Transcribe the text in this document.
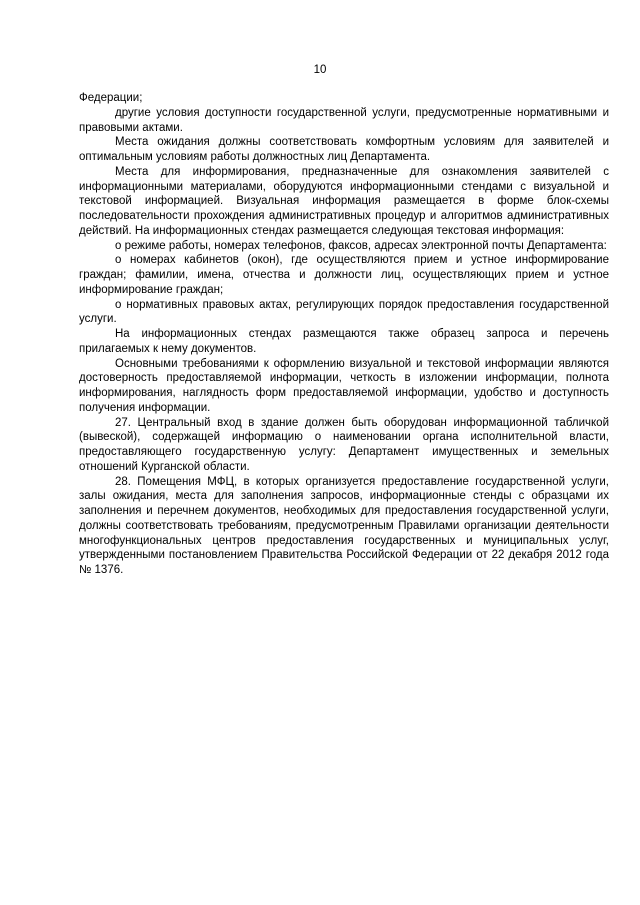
10

Федерации;

другие условия доступности государственной услуги, предусмотренные нормативными и правовыми актами.

Места ожидания должны соответствовать комфортным условиям для заявителей и оптимальным условиям работы должностных лиц Департамента.

Места для информирования, предназначенные для ознакомления заявителей с информационными материалами, оборудуются информационными стендами с визуальной и текстовой информацией. Визуальная информация размещается в форме блок-схемы последовательности прохождения административных процедур и алгоритмов административных действий. На информационных стендах размещается следующая текстовая информация:

о режиме работы, номерах телефонов, факсов, адресах электронной почты Департамента:

о номерах кабинетов (окон), где осуществляются прием и устное информирование граждан; фамилии, имена, отчества и должности лиц, осуществляющих прием и устное информирование граждан;

о нормативных правовых актах, регулирующих порядок предоставления государственной услуги.

На информационных стендах размещаются также образец запроса и перечень прилагаемых к нему документов.

Основными требованиями к оформлению визуальной и текстовой информации являются достоверность предоставляемой информации, четкость в изложении информации, полнота информирования, наглядность форм предоставляемой информации, удобство и доступность получения информации.

27. Центральный вход в здание должен быть оборудован информационной табличкой (вывеской), содержащей информацию о наименовании органа исполнительной власти, предоставляющего государственную услугу: Департамент имущественных и земельных отношений Курганской области.

28. Помещения МФЦ, в которых организуется предоставление государственной услуги, залы ожидания, места для заполнения запросов, информационные стенды с образцами их заполнения и перечнем документов, необходимых для предоставления государственной услуги, должны соответствовать требованиям, предусмотренным Правилами организации деятельности многофункциональных центров предоставления государственных и муниципальных услуг, утвержденными постановлением Правительства Российской Федерации от 22 декабря 2012 года № 1376.
